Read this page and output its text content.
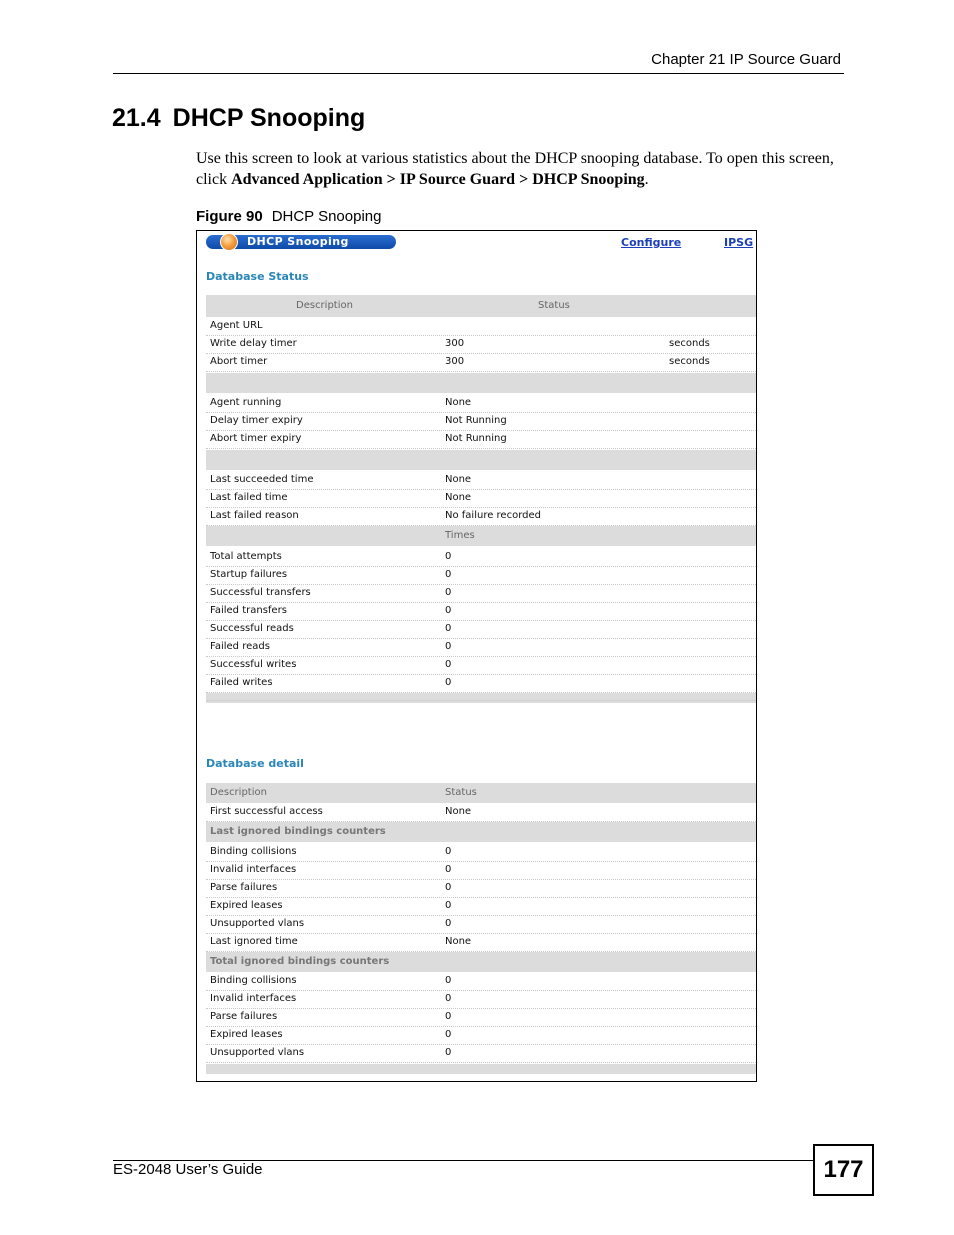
Chapter 21 IP Source Guard
21.4 DHCP Snooping

Use this screen to look at various statistics about the DHCP snooping database. To open this screen, click Advanced Application > IP Source Guard > DHCP Snooping.

Figure 90 DHCP Snooping
DHCP Snooping	Configure	IPSG
Database Status
Description	Status
Agent URL
Write delay timer	300	seconds
Abort timer	300	seconds
Agent running	None
Delay timer expiry	Not Running
Abort timer expiry	Not Running
Last succeeded time	None
Last failed time	None
Last failed reason	No failure recorded
Times
Total attempts	0
Startup failures	0
Successful transfers	0
Failed transfers	0
Successful reads	0
Failed reads	0
Successful writes	0
Failed writes	0
Database detail
Description	Status
First successful access	None
Last ignored bindings counters
Binding collisions	0
Invalid interfaces	0
Parse failures	0
Expired leases	0
Unsupported vlans	0
Last ignored time	None
Total ignored bindings counters
Binding collisions	0
Invalid interfaces	0
Parse failures	0
Expired leases	0
Unsupported vlans	0
ES-2048 User’s Guide	177
